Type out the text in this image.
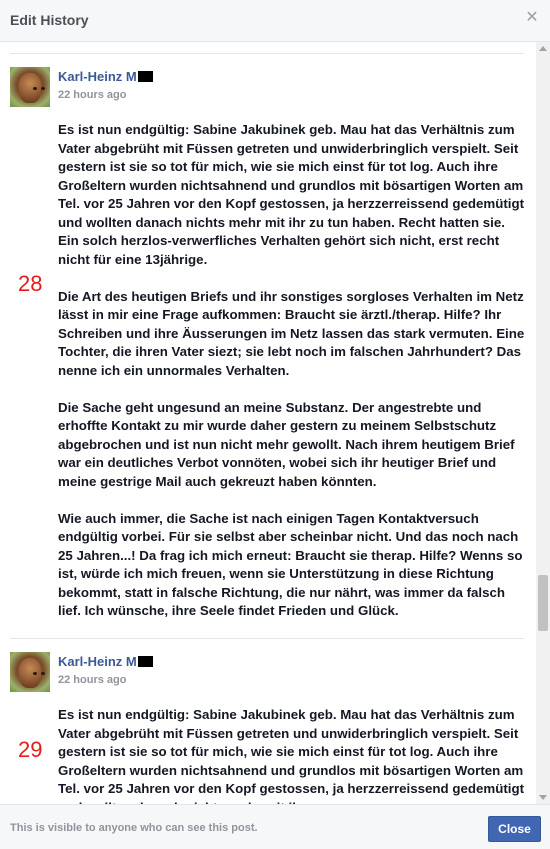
Edit History	✕
Karl-Heinz M
22 hours ago
28

Es ist nun endgültig: Sabine Jakubinek geb. Mau hat das Verhältnis zum Vater abgebrüht mit Füssen getreten und unwiderbringlich verspielt. Seit gestern ist sie so tot für mich, wie sie mich einst für tot log. Auch ihre Großeltern wurden nichtsahnend und grundlos mit bösartigen Worten am Tel. vor 25 Jahren vor den Kopf gestossen, ja herzzerreissend gedemütigt und wollten danach nichts mehr mit ihr zu tun haben. Recht hatten sie. Ein solch herzlos-verwerfliches Verhalten gehört sich nicht, erst recht nicht für eine 13jährige.

Die Art des heutigen Briefs und ihr sonstiges sorgloses Verhalten im Netz lässt in mir eine Frage aufkommen: Braucht sie ärztl./therap. Hilfe? Ihr Schreiben und ihre Äusserungen im Netz lassen das stark vermuten. Eine Tochter, die ihren Vater siezt; sie lebt noch im falschen Jahrhundert? Das nenne ich ein unnormales Verhalten.

Die Sache geht ungesund an meine Substanz. Der angestrebte und erhoffte Kontakt zu mir wurde daher gestern zu meinem Selbstschutz abgebrochen und ist nun nicht mehr gewollt. Nach ihrem heutigem Brief war ein deutliches Verbot vonnöten, wobei sich ihr heutiger Brief und meine gestrige Mail auch gekreuzt haben könnten.

Wie auch immer, die Sache ist nach einigen Tagen Kontaktversuch endgültig vorbei. Für sie selbst aber scheinbar nicht. Und das noch nach 25 Jahren...! Da frag ich mich erneut: Braucht sie therap. Hilfe? Wenns so ist, würde ich mich freuen, wenn sie Unterstützung in diese Richtung bekommt, statt in falsche Richtung, die nur nährt, was immer da falsch lief. Ich wünsche, ihre Seele findet Frieden und Glück.

Karl-Heinz M
22 hours ago
29

Es ist nun endgültig: Sabine Jakubinek geb. Mau hat das Verhältnis zum Vater abgebrüht mit Füssen getreten und unwiderbringlich verspielt. Seit gestern ist sie so tot für mich, wie sie mich einst für tot log. Auch ihre Großeltern wurden nichtsahnend und grundlos mit bösartigen Worten am Tel. vor 25 Jahren vor den Kopf gestossen, ja herzzerreissend gedemütigt

This is visible to anyone who can see this post.	Close
